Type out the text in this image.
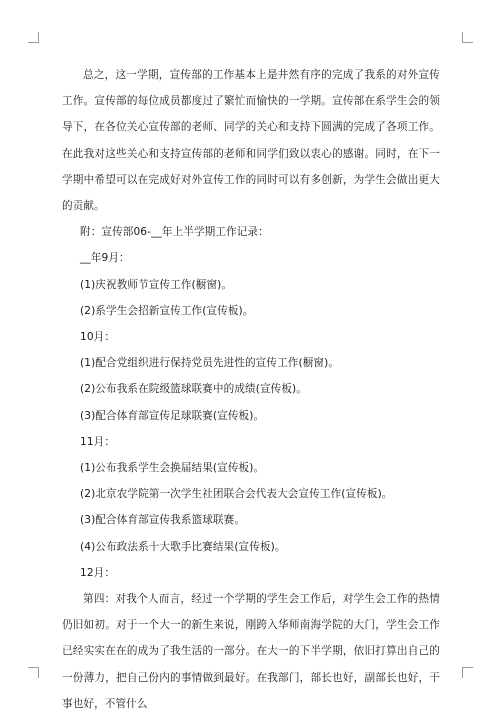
总之，这一学期，宣传部的工作基本上是井然有序的完成了我系的对外宣传工作。宣传部的每位成员都度过了繁忙而愉快的一学期。宣传部在系学生会的领导下，在各位关心宣传部的老师、同学的关心和支持下圆满的完成了各项工作。在此我对这些关心和支持宣传部的老师和同学们致以衷心的感谢。同时，在下一学期中希望可以在完成好对外宣传工作的同时可以有多创新，为学生会做出更大的贡献。

附：宣传部06-__年上半学期工作记录：

__年9月：

(1)庆祝教师节宣传工作(橱窗)。

(2)系学生会招新宣传工作(宣传板)。

10月：

(1)配合党组织进行保持党员先进性的宣传工作(橱窗)。

(2)公布我系在院级篮球联赛中的成绩(宣传板)。

(3)配合体育部宣传足球联赛(宣传板)。

11月：

(1)公布我系学生会换届结果(宣传板)。

(2)北京农学院第一次学生社团联合会代表大会宣传工作(宣传板)。

(3)配合体育部宣传我系篮球联赛。

(4)公布政法系十大歌手比赛结果(宣传板)。

12月：

第四：对我个人而言，经过一个学期的学生会工作后，对学生会工作的热情仍旧如初。对于一个大一的新生来说，刚跨入华师南海学院的大门，学生会工作已经实实在在的成为了我生活的一部分。在大一的下半学期，依旧打算出自己的一份薄力，把自己份内的事情做到最好。在我部门，部长也好，副部长也好，干事也好，不管什么
